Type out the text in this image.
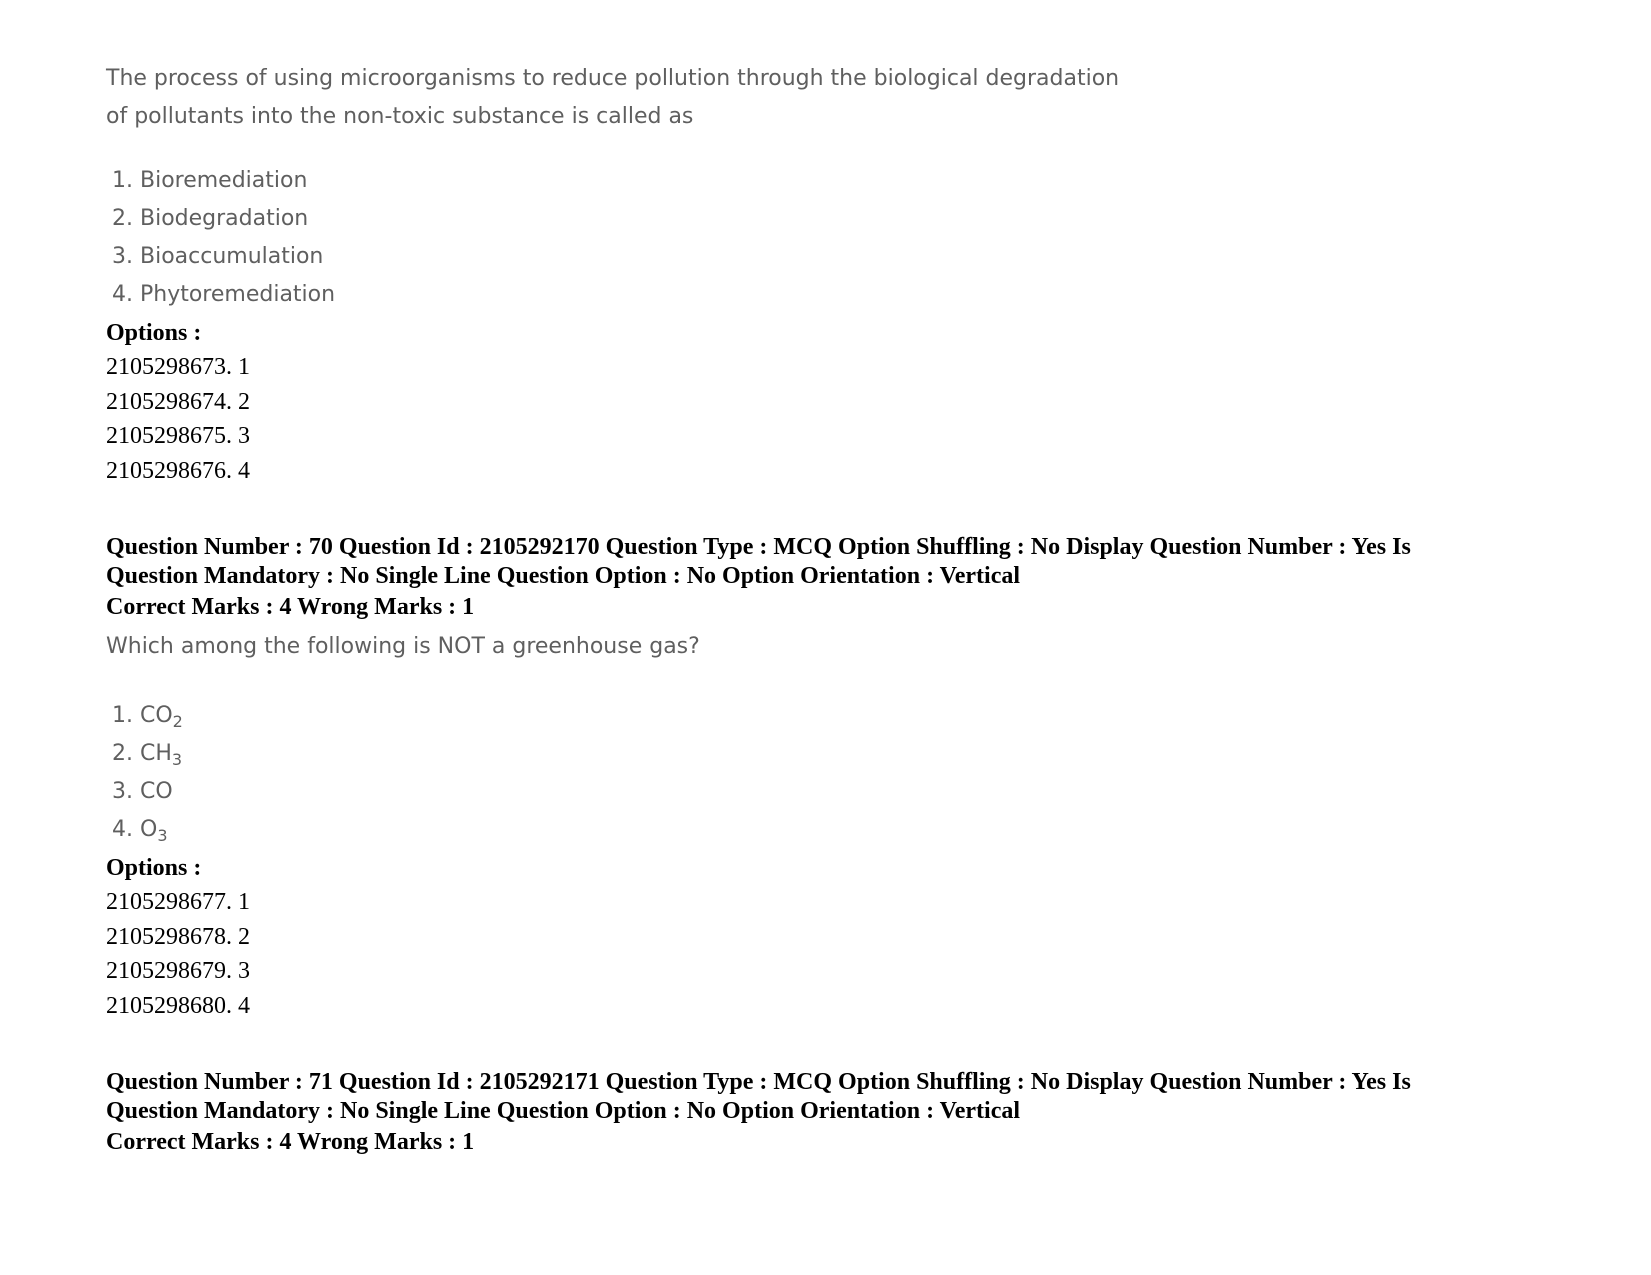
The process of using microorganisms to reduce pollution through the biological degradation
of pollutants into the non-toxic substance is called as
1. Bioremediation
2. Biodegradation
3. Bioaccumulation
4. Phytoremediation
Options :
2105298673. 1
2105298674. 2
2105298675. 3
2105298676. 4
Question Number : 70 Question Id : 2105292170 Question Type : MCQ Option Shuffling : No Display Question Number : Yes Is
Question Mandatory : No Single Line Question Option : No Option Orientation : Vertical
Correct Marks : 4 Wrong Marks : 1
Which among the following is NOT a greenhouse gas?
1. $CO_2$
2. $CH_3$
3. CO
4. $O_3$
Options :
2105298677. 1
2105298678. 2
2105298679. 3
2105298680. 4
Question Number : 71 Question Id : 2105292171 Question Type : MCQ Option Shuffling : No Display Question Number : Yes Is
Question Mandatory : No Single Line Question Option : No Option Orientation : Vertical
Correct Marks : 4 Wrong Marks : 1
